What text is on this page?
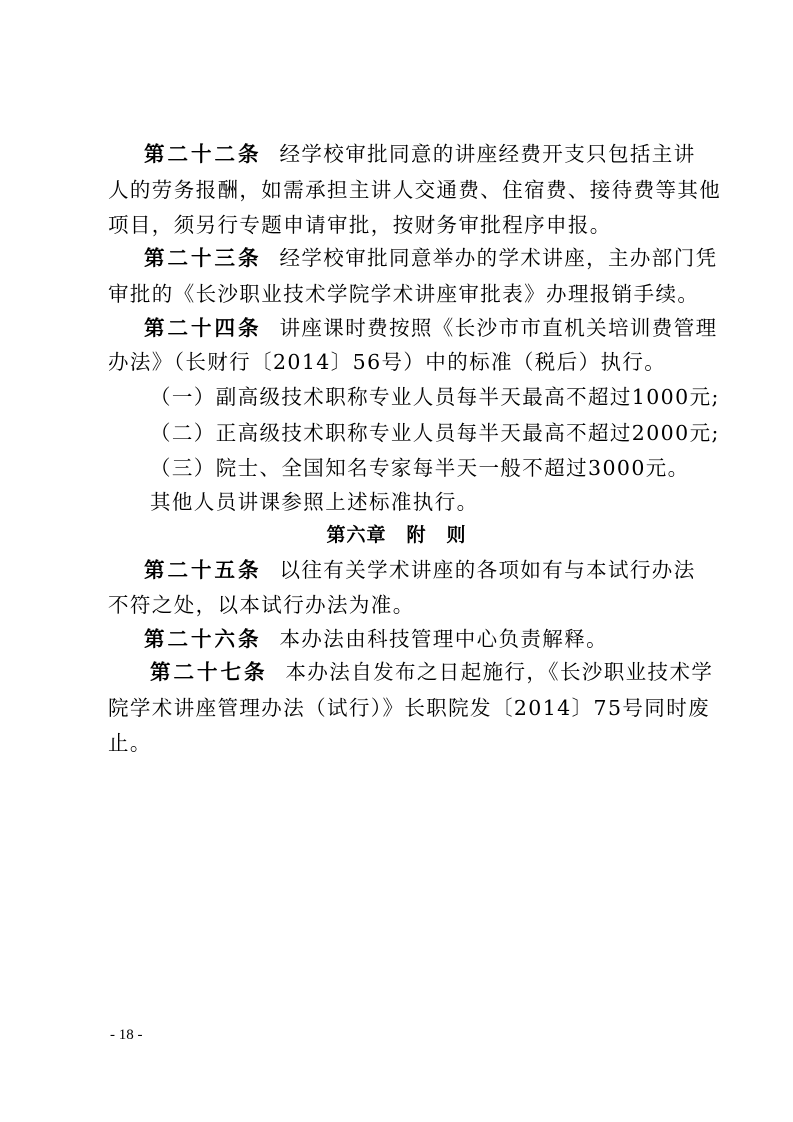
第二十二条 经学校审批同意的讲座经费开支只包括主讲
人的劳务报酬，如需承担主讲人交通费、住宿费、接待费等其他
项目，须另行专题申请审批，按财务审批程序申报。
第二十三条 经学校审批同意举办的学术讲座，主办部门凭
审批的《长沙职业技术学院学术讲座审批表》办理报销手续。
第二十四条 讲座课时费按照《长沙市市直机关培训费管理
办法》（长财行〔2014〕56号）中的标准（税后）执行。
（一）副高级技术职称专业人员每半天最高不超过1000元;
（二）正高级技术职称专业人员每半天最高不超过2000元;
（三）院士、全国知名专家每半天一般不超过3000元。
其他人员讲课参照上述标准执行。
第六章　附　则
第二十五条 以往有关学术讲座的各项如有与本试行办法
不符之处，以本试行办法为准。
第二十六条 本办法由科技管理中心负责解释。
第二十七条 本办法自发布之日起施行，《长沙职业技术学
院学术讲座管理办法（试行）》长职院发〔2014〕75号同时废
止。
- 18 -
